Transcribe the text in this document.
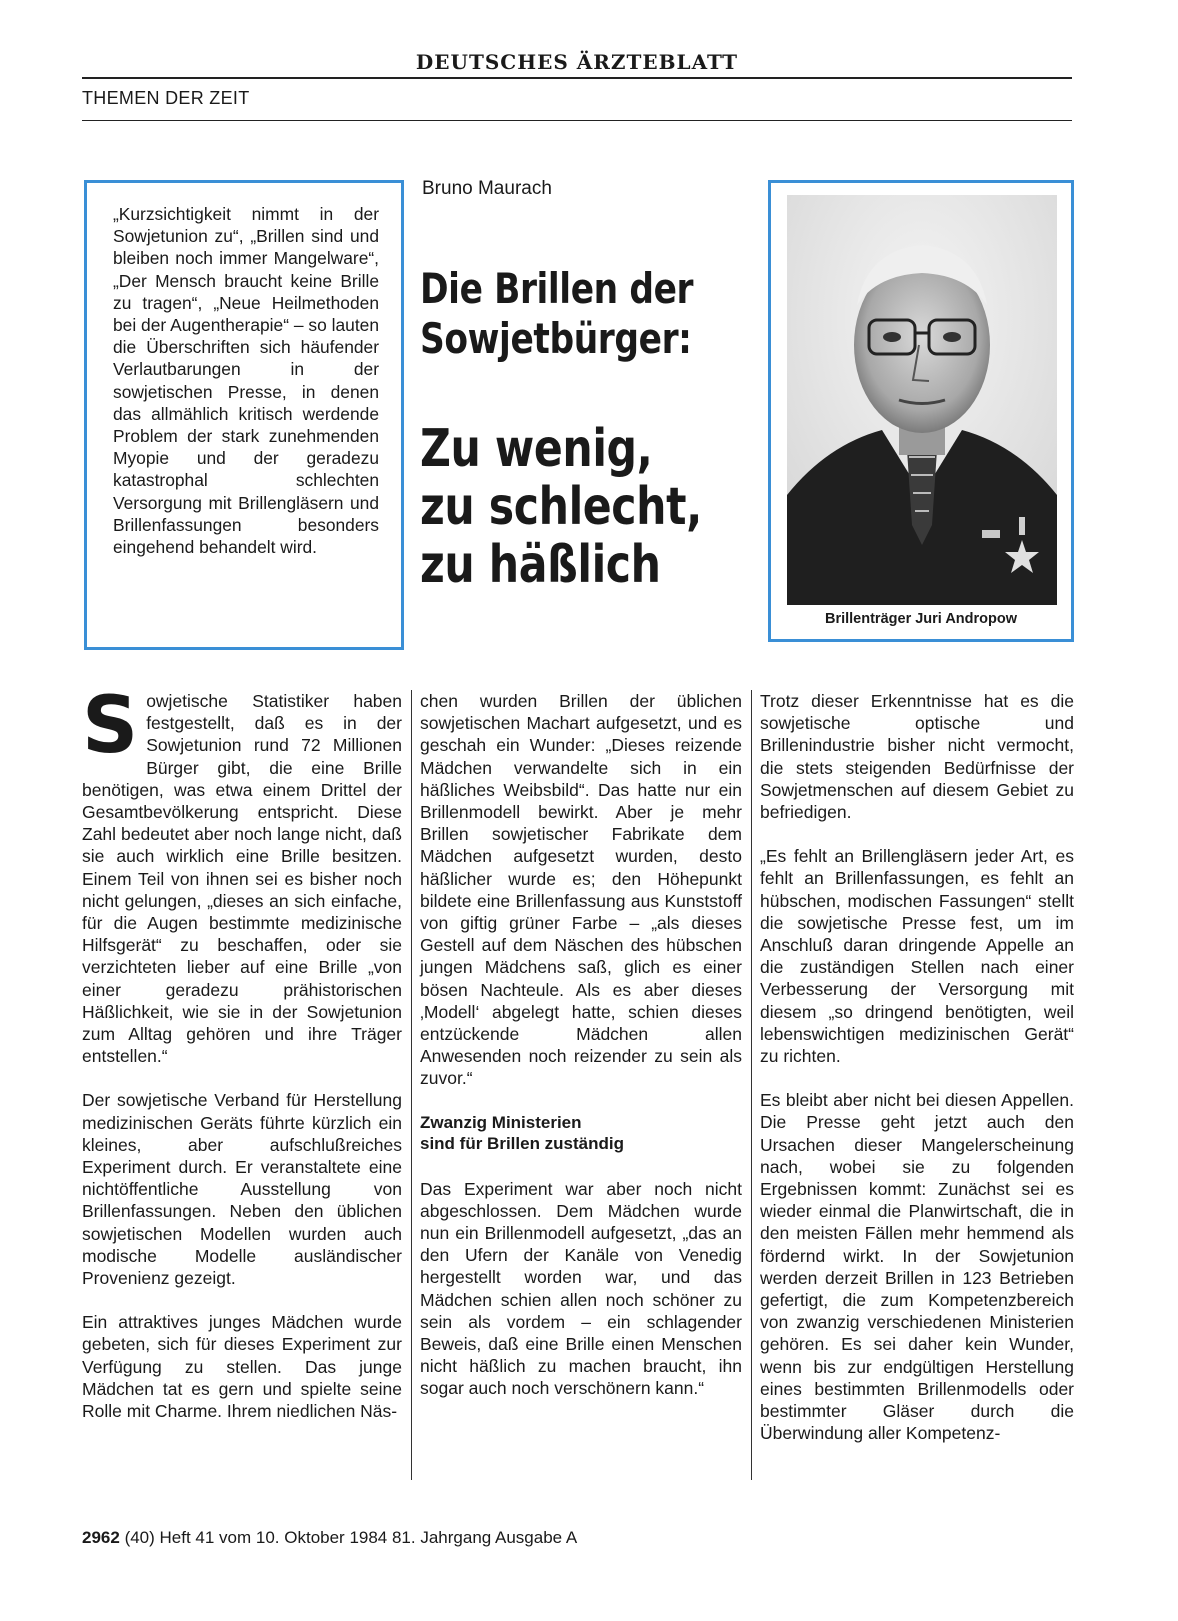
DEUTSCHES ÄRZTEBLATT
THEMEN DER ZEIT
„Kurzsichtigkeit nimmt in der Sowjetunion zu“, „Brillen sind und bleiben noch immer Mangelware“, „Der Mensch braucht keine Brille zu tragen“, „Neue Heilmethoden bei der Augentherapie“ – so lauten die Überschriften sich häufender Verlautbarungen in der sowjetischen Presse, in denen das allmählich kritisch werdende Problem der stark zunehmenden Myopie und der geradezu katastrophal schlechten Versorgung mit Brillengläsern und Brillenfassungen besonders eingehend behandelt wird.
Bruno Maurach
Die Brillen der
Sowjetbürger:
Zu wenig,
zu schlecht,
zu häßlich
Brillenträger Juri Andropow

Sowjetische Statistiker haben festgestellt, daß es in der Sowjetunion rund 72 Millionen Bürger gibt, die eine Brille benötigen, was etwa einem Drittel der Gesamtbevölkerung entspricht. Diese Zahl bedeutet aber noch lange nicht, daß sie auch wirklich eine Brille besitzen. Einem Teil von ihnen sei es bisher noch nicht gelungen, „dieses an sich einfache, für die Augen bestimmte medizinische Hilfsgerät“ zu beschaffen, oder sie verzichteten lieber auf eine Brille „von einer geradezu prähistorischen Häßlichkeit, wie sie in der Sowjetunion zum Alltag gehören und ihre Träger entstellen.“

Der sowjetische Verband für Herstellung medizinischen Geräts führte kürzlich ein kleines, aber aufschlußreiches Experiment durch. Er veranstaltete eine nichtöffentliche Ausstellung von Brillenfassungen. Neben den üblichen sowjetischen Modellen wurden auch modische Modelle ausländischer Provenienz gezeigt.

Ein attraktives junges Mädchen wurde gebeten, sich für dieses Experiment zur Verfügung zu stellen. Das junge Mädchen tat es gern und spielte seine Rolle mit Charme. Ihrem niedlichen Näs-

chen wurden Brillen der üblichen sowjetischen Machart aufgesetzt, und es geschah ein Wunder: „Dieses reizende Mädchen verwandelte sich in ein häßliches Weibsbild“. Das hatte nur ein Brillenmodell bewirkt. Aber je mehr Brillen sowjetischer Fabrikate dem Mädchen aufgesetzt wurden, desto häßlicher wurde es; den Höhepunkt bildete eine Brillenfassung aus Kunststoff von giftig grüner Farbe – „als dieses Gestell auf dem Näschen des hübschen jungen Mädchens saß, glich es einer bösen Nachteule. Als es aber dieses ‚Modell‘ abgelegt hatte, schien dieses entzückende Mädchen allen Anwesenden noch reizender zu sein als zuvor.“

Zwanzig Ministerien
sind für Brillen zuständig

Das Experiment war aber noch nicht abgeschlossen. Dem Mädchen wurde nun ein Brillenmodell aufgesetzt, „das an den Ufern der Kanäle von Venedig hergestellt worden war, und das Mädchen schien allen noch schöner zu sein als vordem – ein schlagender Beweis, daß eine Brille einen Menschen nicht häßlich zu machen braucht, ihn sogar auch noch verschönern kann.“

Trotz dieser Erkenntnisse hat es die sowjetische optische und Brillenindustrie bisher nicht vermocht, die stets steigenden Bedürfnisse der Sowjetmenschen auf diesem Gebiet zu befriedigen.

„Es fehlt an Brillengläsern jeder Art, es fehlt an Brillenfassungen, es fehlt an hübschen, modischen Fassungen“ stellt die sowjetische Presse fest, um im Anschluß daran dringende Appelle an die zuständigen Stellen nach einer Verbesserung der Versorgung mit diesem „so dringend benötigten, weil lebenswichtigen medizinischen Gerät“ zu richten.

Es bleibt aber nicht bei diesen Appellen. Die Presse geht jetzt auch den Ursachen dieser Mangelerscheinung nach, wobei sie zu folgenden Ergebnissen kommt: Zunächst sei es wieder einmal die Planwirtschaft, die in den meisten Fällen mehr hemmend als fördernd wirkt. In der Sowjetunion werden derzeit Brillen in 123 Betrieben gefertigt, die zum Kompetenzbereich von zwanzig verschiedenen Ministerien gehören. Es sei daher kein Wunder, wenn bis zur endgültigen Herstellung eines bestimmten Brillenmodells oder bestimmter Gläser durch die Überwindung aller Kompetenz-

2962 (40) Heft 41 vom 10. Oktober 1984 81. Jahrgang Ausgabe A
